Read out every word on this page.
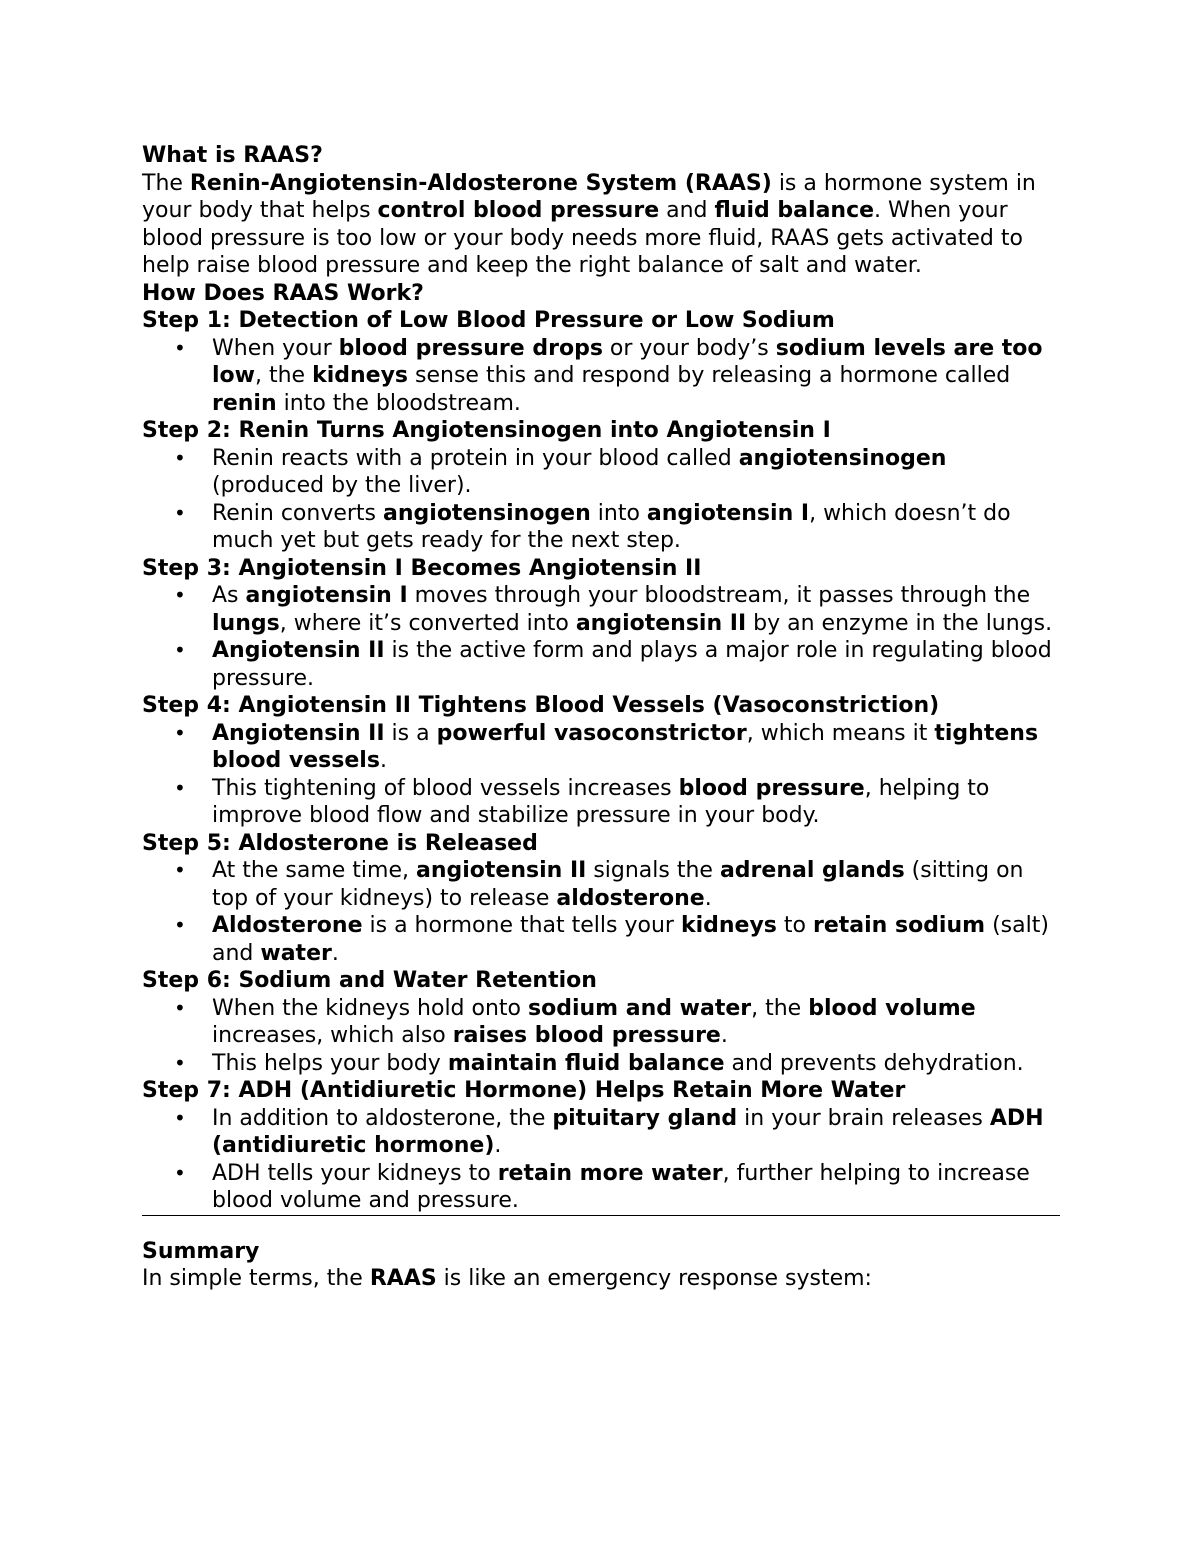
What is RAAS?

The Renin-Angiotensin-Aldosterone System (RAAS) is a hormone system in your body that helps control blood pressure and fluid balance. When your blood pressure is too low or your body needs more fluid, RAAS gets activated to help raise blood pressure and keep the right balance of salt and water.

How Does RAAS Work?
Step 1: Detection of Low Blood Pressure or Low Sodium
• When your blood pressure drops or your body’s sodium levels are too low, the kidneys sense this and respond by releasing a hormone called renin into the bloodstream.
Step 2: Renin Turns Angiotensinogen into Angiotensin I
• Renin reacts with a protein in your blood called angiotensinogen (produced by the liver).
• Renin converts angiotensinogen into angiotensin I, which doesn’t do much yet but gets ready for the next step.
Step 3: Angiotensin I Becomes Angiotensin II
• As angiotensin I moves through your bloodstream, it passes through the lungs, where it’s converted into angiotensin II by an enzyme in the lungs.
• Angiotensin II is the active form and plays a major role in regulating blood pressure.
Step 4: Angiotensin II Tightens Blood Vessels (Vasoconstriction)
• Angiotensin II is a powerful vasoconstrictor, which means it tightens blood vessels.
• This tightening of blood vessels increases blood pressure, helping to improve blood flow and stabilize pressure in your body.
Step 5: Aldosterone is Released
• At the same time, angiotensin II signals the adrenal glands (sitting on top of your kidneys) to release aldosterone.
• Aldosterone is a hormone that tells your kidneys to retain sodium (salt) and water.
Step 6: Sodium and Water Retention
• When the kidneys hold onto sodium and water, the blood volume increases, which also raises blood pressure.
• This helps your body maintain fluid balance and prevents dehydration.
Step 7: ADH (Antidiuretic Hormone) Helps Retain More Water
• In addition to aldosterone, the pituitary gland in your brain releases ADH (antidiuretic hormone).
• ADH tells your kidneys to retain more water, further helping to increase blood volume and pressure.
Summary

In simple terms, the RAAS is like an emergency response system:
